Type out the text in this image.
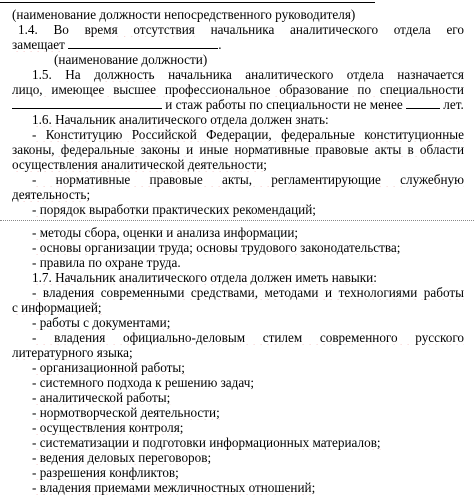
(наименование должности непосредственного руководителя)
1.4. Во время отсутствия начальника аналитического отдела его
замещает	.
(наименование должности)
1.5. На должность начальника аналитического отдела назначается
лицо, имеющее высшее профессиональное образование по специальности
и стаж работы по специальности не менее	лет.
1.6. Начальник аналитического отдела должен знать:
- Конституцию Российской Федерации, федеральные конституционные
законы, федеральные законы и иные нормативные правовые акты в области
осуществления аналитической деятельности;
- нормативные правовые акты, регламентирующие служебную
деятельность;
- порядок выработки практических рекомендаций;
- методы сбора, оценки и анализа информации;
- основы организации труда; основы трудового законодательства;
- правила по охране труда.
1.7. Начальник аналитического отдела должен иметь навыки:
- владения современными средствами, методами и технологиями работы
с информацией;
- работы с документами;
- владения официально-деловым стилем современного русского
литературного языка;
- организационной работы;
- системного подхода к решению задач;
- аналитической работы;
- нормотворческой деятельности;
- осуществления контроля;
- систематизации и подготовки информационных материалов;
- ведения деловых переговоров;
- разрешения конфликтов;
- владения приемами межличностных отношений;
